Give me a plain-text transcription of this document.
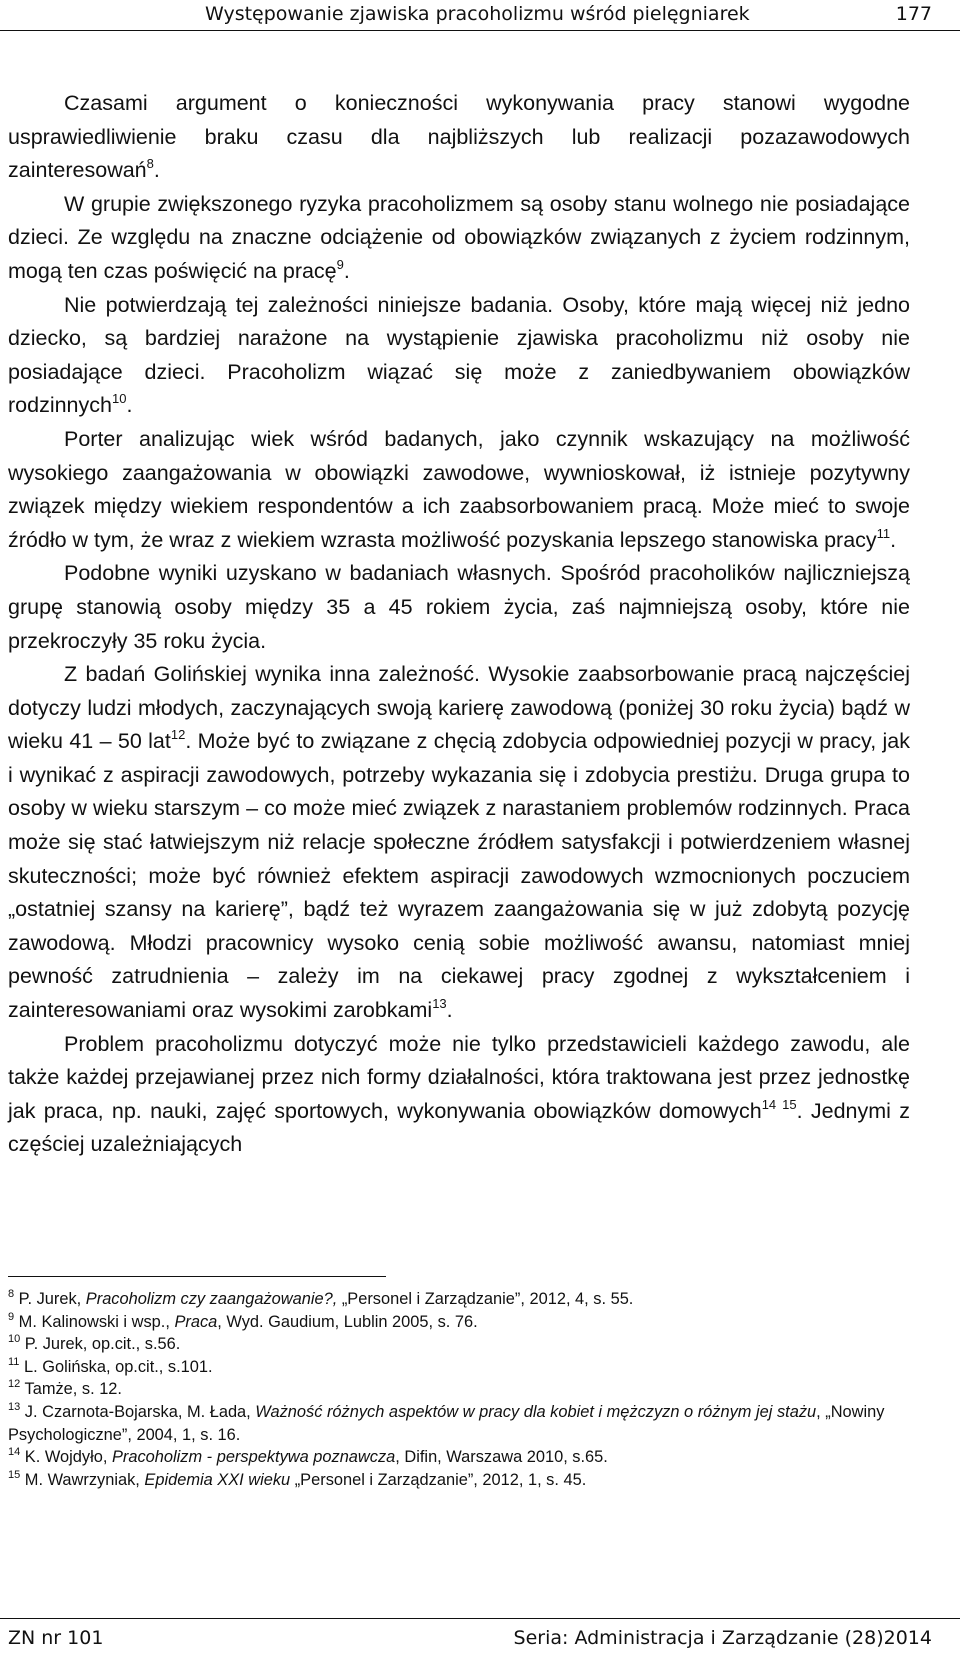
Występowanie zjawiska pracoholizmu wśród pielęgniarek	177

Czasami argument o konieczności wykonywania pracy stanowi wygodne usprawiedliwienie braku czasu dla najbliższych lub realizacji pozazawodowych zainteresowań$^8$.

W grupie zwiększonego ryzyka pracoholizmem są osoby stanu wolnego nie posiadające dzieci. Ze względu na znaczne odciążenie od obowiązków związanych z życiem rodzinnym, mogą ten czas poświęcić na pracę$^9$.

Nie potwierdzają tej zależności niniejsze badania. Osoby, które mają więcej niż jedno dziecko, są bardziej narażone na wystąpienie zjawiska pracoholizmu niż osoby nie posiadające dzieci. Pracoholizm wiązać się może z zaniedbywaniem obowiązków rodzinnych$^{10}$.

Porter analizując wiek wśród badanych, jako czynnik wskazujący na możliwość wysokiego zaangażowania w obowiązki zawodowe, wywnioskował, iż istnieje pozytywny związek między wiekiem respondentów a ich zaabsorbowaniem pracą. Może mieć to swoje źródło w tym, że wraz z wiekiem wzrasta możliwość pozyskania lepszego stanowiska pracy$^{11}$.

Podobne wyniki uzyskano w badaniach własnych. Spośród pracoholików najliczniejszą grupę stanowią osoby między 35 a 45 rokiem życia, zaś najmniejszą osoby, które nie przekroczyły 35 roku życia.

Z badań Golińskiej wynika inna zależność. Wysokie zaabsorbowanie pracą najczęściej dotyczy ludzi młodych, zaczynających swoją karierę zawodową (poniżej 30 roku życia) bądź w wieku 41 – 50 lat$^{12}$. Może być to związane z chęcią zdobycia odpowiedniej pozycji w pracy, jak i wynikać z aspiracji zawodowych, potrzeby wykazania się i zdobycia prestiżu. Druga grupa to osoby w wieku starszym – co może mieć związek z narastaniem problemów rodzinnych. Praca może się stać łatwiejszym niż relacje społeczne źródłem satysfakcji i potwierdzeniem własnej skuteczności; może być również efektem aspiracji zawodowych wzmocnionych poczuciem „ostatniej szansy na karierę”, bądź też wyrazem zaangażowania się w już zdobytą pozycję zawodową. Młodzi pracownicy wysoko cenią sobie możliwość awansu, natomiast mniej pewność zatrudnienia – zależy im na ciekawej pracy zgodnej z wykształceniem i zainteresowaniami oraz wysokimi zarobkami$^{13}$.

Problem pracoholizmu dotyczyć może nie tylko przedstawicieli każdego zawodu, ale także każdej przejawianej przez nich formy działalności, która traktowana jest przez jednostkę jak praca, np. nauki, zajęć sportowych, wykonywania obowiązków domowych$^{14 15}$. Jednymi z częściej uzależniających

$^8$ P. Jurek, Pracoholizm czy zaangażowanie?, „Personel i Zarządzanie”, 2012, 4, s. 55.
$^9$ M. Kalinowski i wsp., Praca, Wyd. Gaudium, Lublin 2005, s. 76.
$^{10}$ P. Jurek, op.cit., s.56.
$^{11}$ L. Golińska, op.cit., s.101.
$^{12}$ Tamże, s. 12.
$^{13}$ J. Czarnota-Bojarska, M. Łada, Ważność różnych aspektów w pracy dla kobiet i mężczyzn o różnym jej stażu, „Nowiny Psychologiczne”, 2004, 1, s. 16.
$^{14}$ K. Wojdyło, Pracoholizm - perspektywa poznawcza, Difin, Warszawa 2010, s.65.
$^{15}$ M. Wawrzyniak, Epidemia XXI wieku „Personel i Zarządzanie”, 2012, 1, s. 45.
ZN nr 101	Seria: Administracja i Zarządzanie (28)2014
